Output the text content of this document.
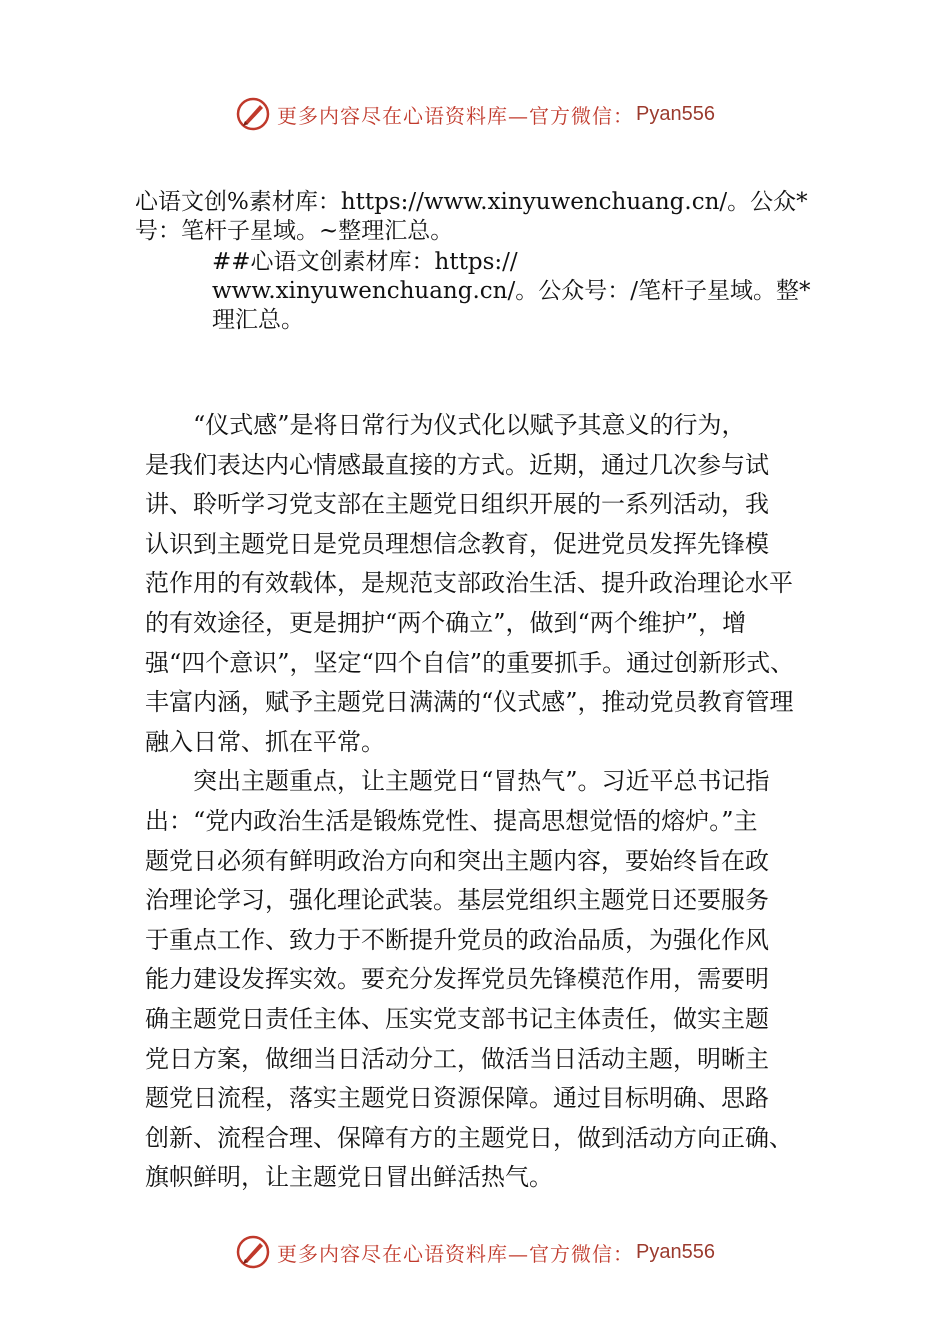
更多内容尽在心语资料库—官方微信： Pyan556
心语文创%素材库：https://www.xinyuwenchuang.cn/。公众*
号：笔杆子星域。~整理汇总。
##心语文创素材库：https://
www.xinyuwenchuang.cn/。公众号：/笔杆子星域。整*
理汇总。
　　“仪式感”是将日常行为仪式化以赋予其意义的行为，
是我们表达内心情感最直接的方式。近期，通过几次参与试
讲、聆听学习党支部在主题党日组织开展的一系列活动，我
认识到主题党日是党员理想信念教育，促进党员发挥先锋模
范作用的有效载体，是规范支部政治生活、提升政治理论水平
的有效途径，更是拥护“两个确立”，做到“两个维护”，增
强“四个意识”，坚定“四个自信”的重要抓手。通过创新形式、
丰富内涵，赋予主题党日满满的“仪式感”，推动党员教育管理
融入日常、抓在平常。
　　突出主题重点，让主题党日“冒热气”。习近平总书记指
出：“党内政治生活是锻炼党性、提高思想觉悟的熔炉。”主
题党日必须有鲜明政治方向和突出主题内容，要始终旨在政
治理论学习，强化理论武装。基层党组织主题党日还要服务
于重点工作、致力于不断提升党员的政治品质，为强化作风
能力建设发挥实效。要充分发挥党员先锋模范作用，需要明
确主题党日责任主体、压实党支部书记主体责任，做实主题
党日方案，做细当日活动分工，做活当日活动主题，明晰主
题党日流程，落实主题党日资源保障。通过目标明确、思路
创新、流程合理、保障有方的主题党日，做到活动方向正确、
旗帜鲜明，让主题党日冒出鲜活热气。
更多内容尽在心语资料库—官方微信： Pyan556
